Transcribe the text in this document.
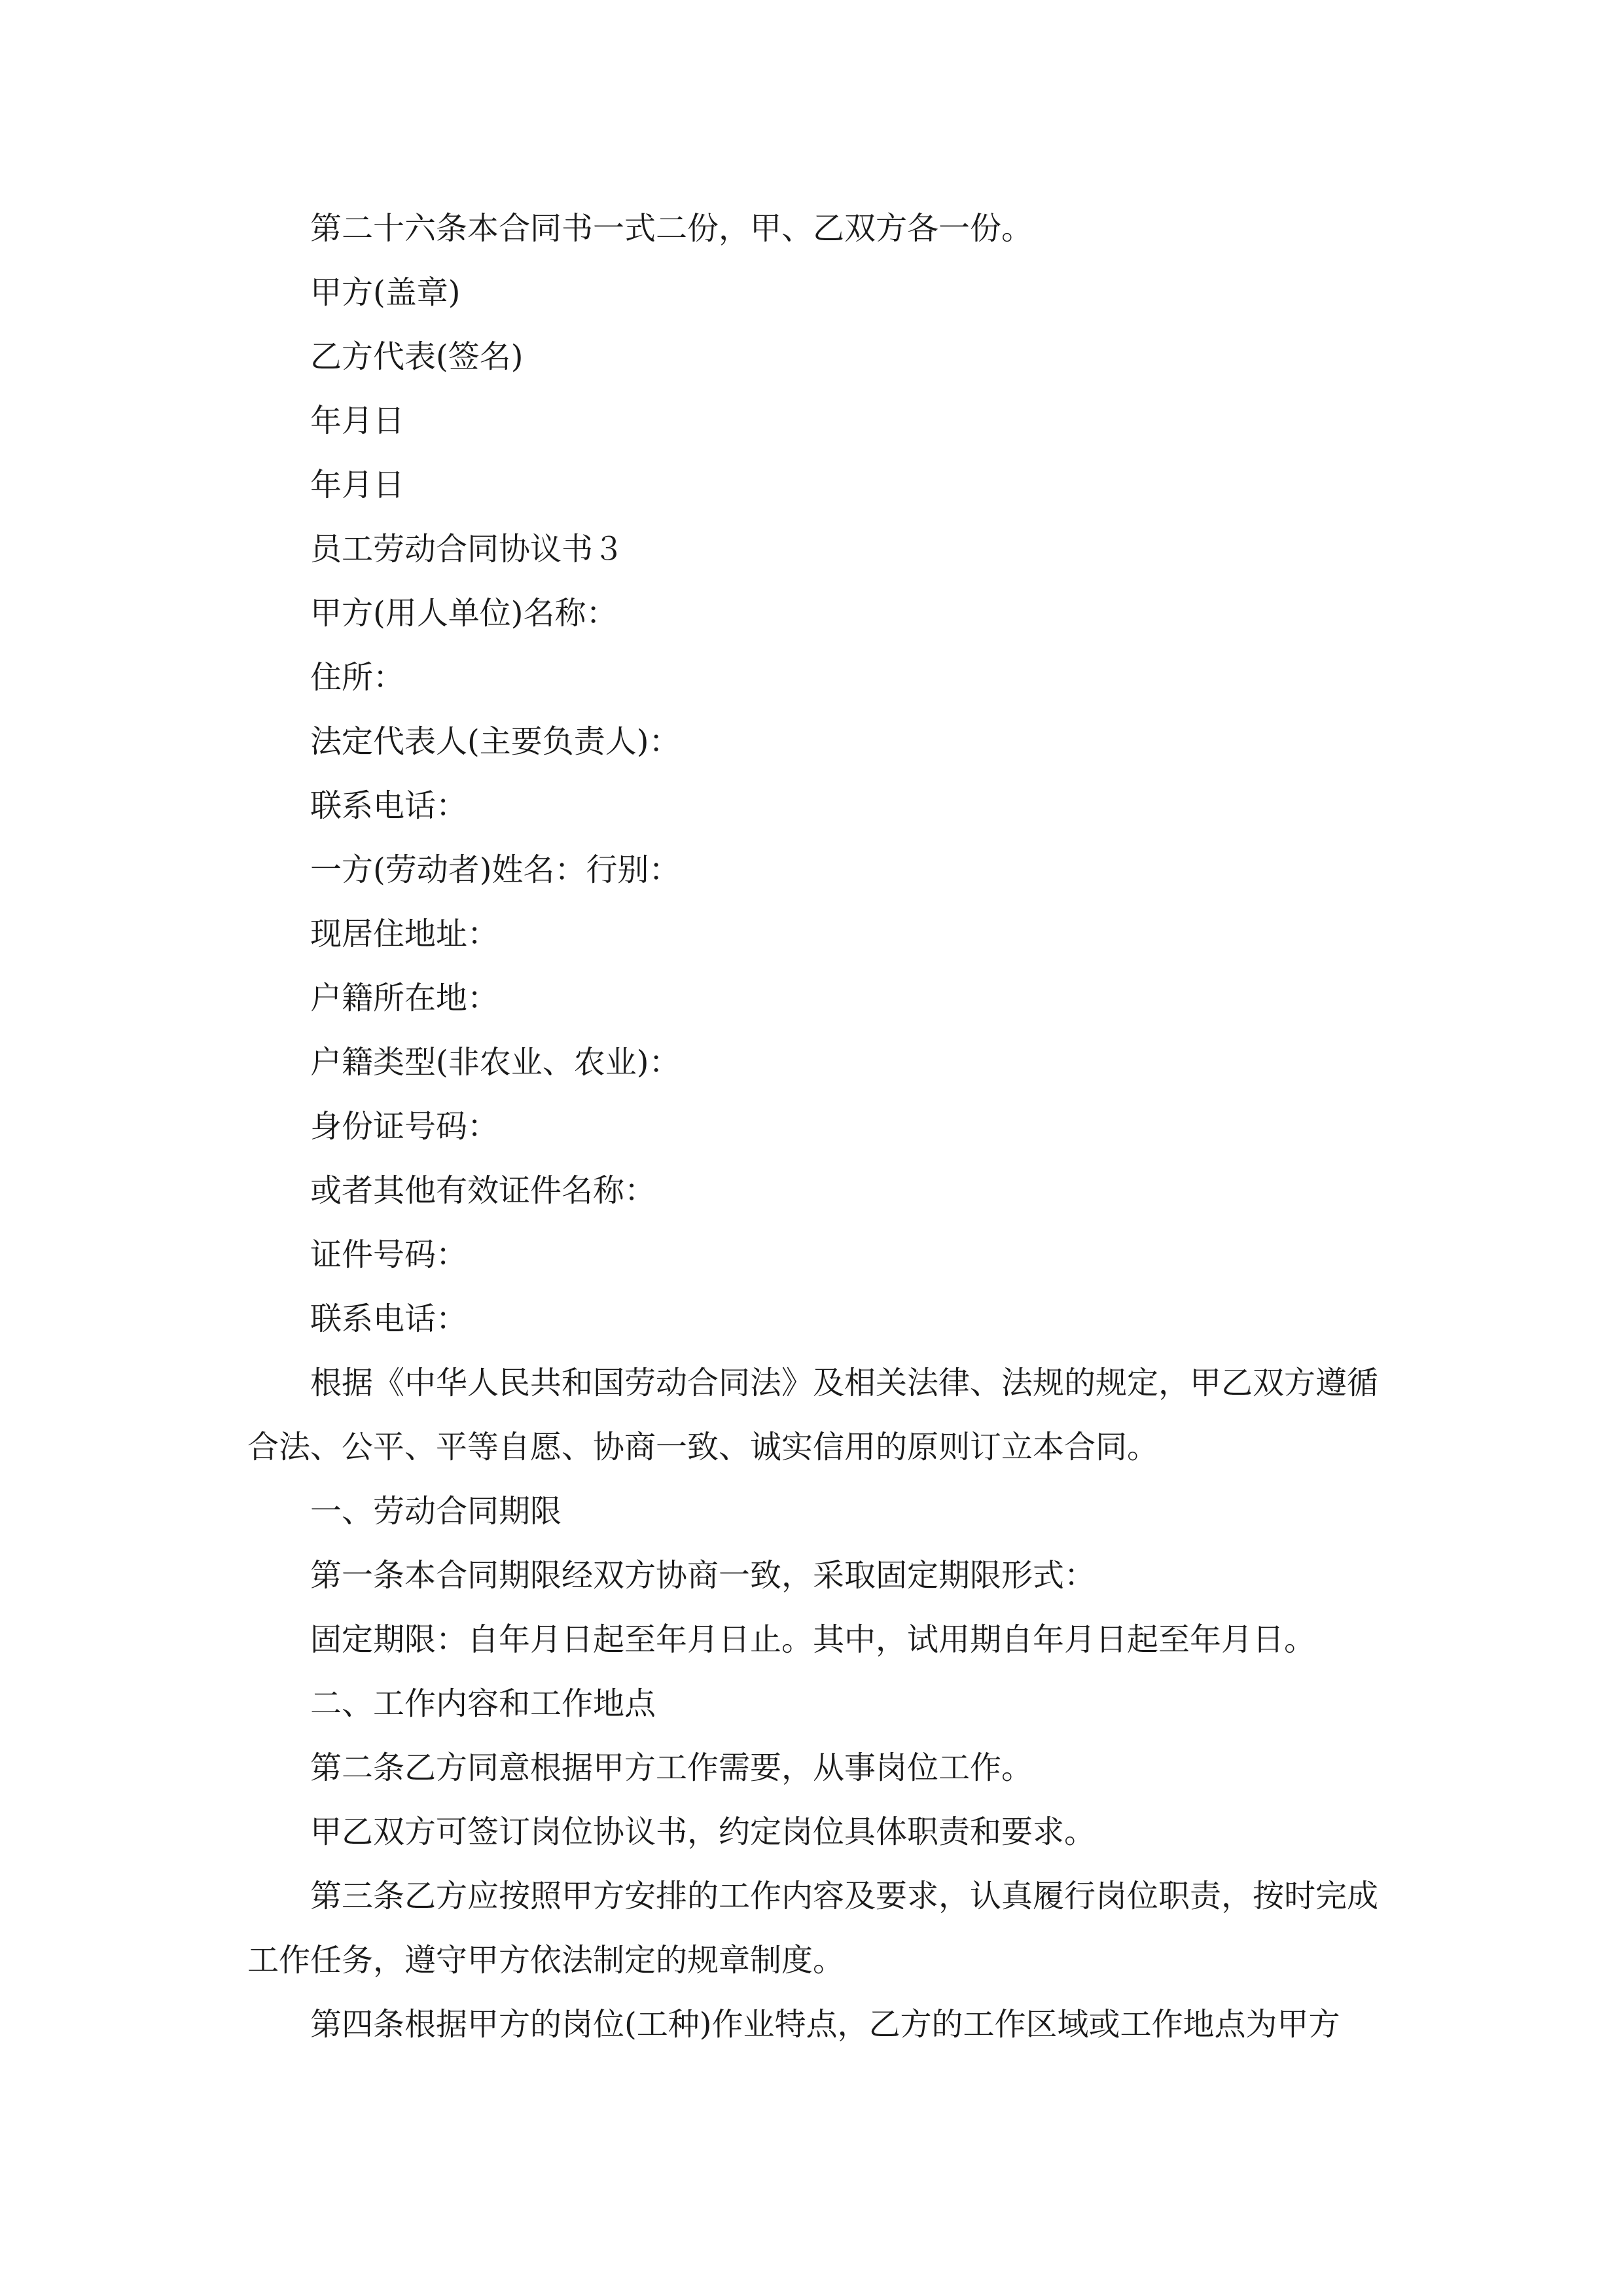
第二十六条本合同书一式二份，甲、乙双方各一份。

甲方(盖章)

乙方代表(签名)

年月日

年月日

员工劳动合同协议书３

甲方(用人单位)名称：

住所：

法定代表人(主要负责人)：

联系电话：

一方(劳动者)姓名：行别：

现居住地址：

户籍所在地：

户籍类型(非农业、农业)：

身份证号码：

或者其他有效证件名称：

证件号码：

联系电话：

根据《中华人民共和国劳动合同法》及相关法律、法规的规定，甲乙双方遵循合法、公平、平等自愿、协商一致、诚实信用的原则订立本合同。

一、劳动合同期限

第一条本合同期限经双方协商一致，采取固定期限形式：

固定期限：自年月日起至年月日止。其中，试用期自年月日起至年月日。

二、工作内容和工作地点

第二条乙方同意根据甲方工作需要，从事岗位工作。

甲乙双方可签订岗位协议书，约定岗位具体职责和要求。

第三条乙方应按照甲方安排的工作内容及要求，认真履行岗位职责，按时完成工作任务，遵守甲方依法制定的规章制度。

第四条根据甲方的岗位(工种)作业特点，乙方的工作区域或工作地点为甲方
